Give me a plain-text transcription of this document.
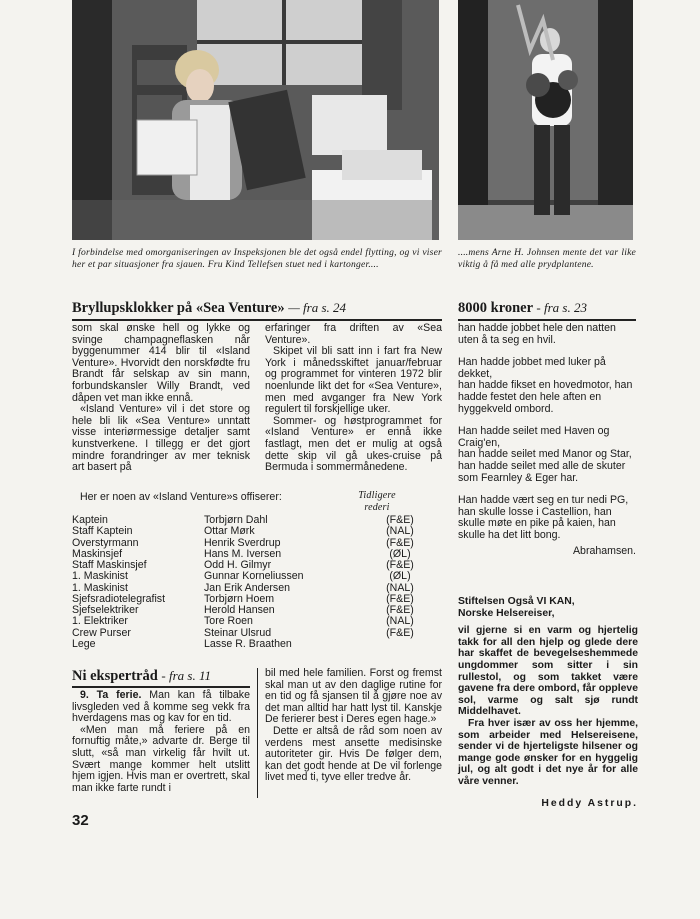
I forbindelse med omorganiseringen av Inspeksjonen ble det også endel flytting, og vi viser her et par situasjoner fra sjauen. Fru Kind Tellefsen stuet ned i kartonger....
....mens Arne H. Johnsen mente det var like viktig å få med alle prydplantene.
Bryllupsklokker på «Sea Venture» — fra s. 24

som skal ønske hell og lykke og svinge champagneflasken når byggenummer 414 blir til «Island Venture». Hvorvidt den norskfødte fru Brandt får selskap av sin mann, forbundskansler Willy Brandt, ved dåpen vet man ikke ennå.

«Island Venture» vil i det store og hele bli lik «Sea Venture» unntatt visse interiørmessige detaljer samt kunstverkene. I tillegg er det gjort mindre forandringer av mer teknisk art basert på

erfaringer fra driften av «Sea Venture».

Skipet vil bli satt inn i fart fra New York i månedsskiftet januar/februar og programmet for vinteren 1972 blir noenlunde likt det for «Sea Venture», men med avganger fra New York regulert til forskjellige uker.

Sommer- og høstprogrammet for «Island Venture» er ennå ikke fastlagt, men det er mulig at også dette skip vil gå ukes-cruise på Bermuda i sommermånedene.

Her er noen av «Island Venture»s offiserer:	Tidligere rederi
Kaptein	Torbjørn Dahl	(F&E)
Staff Kaptein	Ottar Mørk	(NAL)
Overstyrmann	Henrik Sverdrup	(F&E)
Maskinsjef	Hans M. Iversen	(ØL)
Staff Maskinsjef	Odd H. Gilmyr	(F&E)
1. Maskinist	Gunnar Korneliussen	(ØL)
1. Maskinist	Jan Erik Andersen	(NAL)
Sjefsradiotelegrafist	Torbjørn Hoem	(F&E)
Sjefselektriker	Herold Hansen	(F&E)
1. Elektriker	Tore Roen	(NAL)
Crew Purser	Steinar Ulsrud	(F&E)
Lege	Lasse R. Braathen
8000 kroner - fra s. 23

han hadde jobbet hele den natten uten å ta seg en hvil.

Han hadde jobbet med luker på dekket,

han hadde fikset en hovedmotor, han hadde festet den hele aften en hyggekveld ombord.

Han hadde seilet med Haven og Craig'en,

han hadde seilet med Manor og Star,

han hadde seilet med alle de skuter som Fearnley & Eger har.

Han hadde vært seg en tur nedi PG, han skulle losse i Castellion, han skulle møte en pike på kaien, han skulle ha det litt bong.

Abrahamsen.

Ni ekspertråd - fra s. 11

9. Ta ferie. Man kan få tilbake livsgleden ved å komme seg vekk fra hverdagens mas og kav for en tid.

«Men man må feriere på en fornuftig måte,» advarte dr. Berge til slutt, «så man virkelig får hvilt ut. Svært mange kommer helt utslitt hjem igjen. Hvis man er overtrett, skal man ikke farte rundt i

bil med hele familien. Forst og fremst skal man ut av den daglige rutine for en tid og få sjansen til å gjøre noe av det man alltid har hatt lyst til. Kanskje De ferierer best i Deres egen hage.»

Dette er altså de råd som noen av verdens mest ansette medisinske autoriteter gir. Hvis De følger dem, kan det godt hende at De vil forlenge livet med ti, tyve eller tredve år.

Stiftelsen Også VI KAN,

Norske Helsereiser,

vil gjerne si en varm og hjertelig takk for all den hjelp og glede dere har skaffet de bevegelseshemmede ungdommer som sitter i sin rullestol, og som takket være gavene fra dere ombord, får oppleve sol, varme og salt sjø rundt Middelhavet.

Fra hver især av oss her hjemme, som arbeider med Helsereisene, sender vi de hjerteligste hilsener og mange gode ønsker for en hyggelig jul, og alt godt i det nye år for alle våre venner.

Heddy Astrup.

32
